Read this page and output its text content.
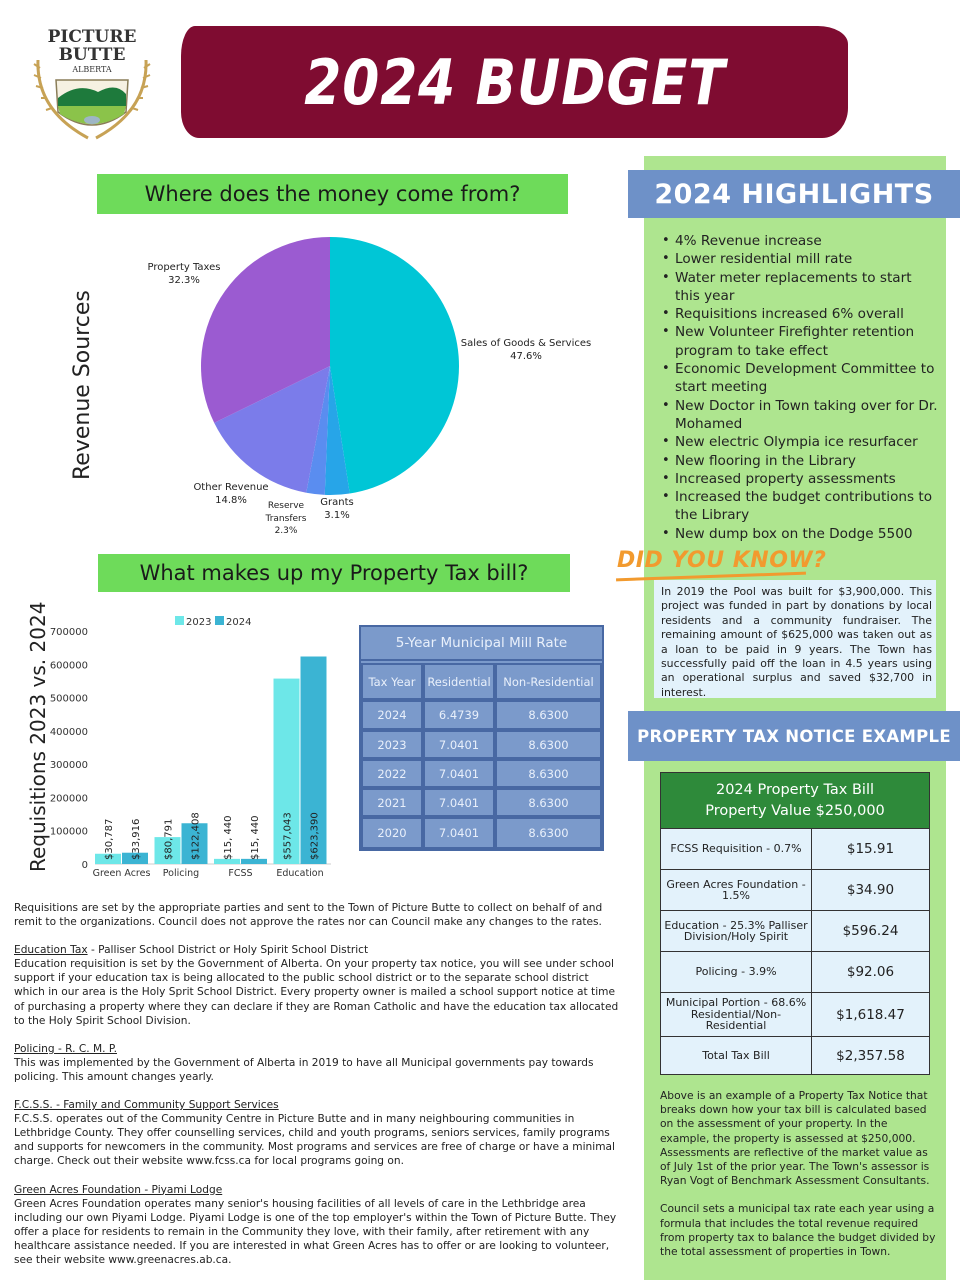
PICTURE
BUTTE
ALBERTA	2024 BUDGET
Where does the money come from?
Revenue Sources
Property Taxes
32.3%
Sales of Goods & Services
47.6%
Other Revenue
14.8%	Reserve Transfers
2.3%
Grants
3.1%
What makes up my Property Tax bill?
Requisitions 2023 vs. 2024	0
100000
200000
300000
400000
500000
600000
700000
2023 2024
$30,787 $33,916
Green Acres
$80,791 $122,408
Policing
$15, 440 $15, 440
FCSS
$557,043 $623,390
Education
5-Year Municipal Mill Rate
Tax Year	Residential	Non-Residential
2024	6.4739	8.6300
2023	7.0401	8.6300
2022	7.0401	8.6300
2021	7.0401	8.6300
2020	7.0401	8.6300

Requisitions are set by the appropriate parties and sent to the Town of Picture Butte to collect on behalf of and remit to the organizations. Council does not approve the rates nor can Council make any changes to the rates.

Education Tax - Palliser School District or Holy Spirit School District
Education requisition is set by the Government of Alberta. On your property tax notice, you will see under school support if your education tax is being allocated to the public school district or to the separate school district which in our area is the Holy Sprit School District. Every property owner is mailed a school support notice at time of purchasing a property where they can declare if they are Roman Catholic and have the education tax allocated to the Holy Spirit School Division.

Policing - R. C. M. P.
This was implemented by the Government of Alberta in 2019 to have all Municipal governments pay towards policing. This amount changes yearly.

F.C.S.S. - Family and Community Support Services
F.C.S.S. operates out of the Community Centre in Picture Butte and in many neighbouring communities in Lethbridge County. They offer counselling services, child and youth programs, seniors services, family programs and supports for newcomers in the community. Most programs and services are free of charge or have a minimal charge. Check out their website www.fcss.ca for local programs going on.

Green Acres Foundation - Piyami Lodge
Green Acres Foundation operates many senior's housing facilities of all levels of care in the Lethbridge area including our own Piyami Lodge. Piyami Lodge is one of the top employer's within the Town of Picture Butte. They offer a place for residents to remain in the Community they love, with their family, after retirement with any healthcare assistance needed. If you are interested in what Green Acres has to offer or are looking to volunteer, see their website www.greenacres.ab.ca.

2024 HIGHLIGHTS
• 4% Revenue increase
• Lower residential mill rate
• Water meter replacements to start this year
• Requisitions increased 6% overall
• New Volunteer Firefighter retention program to take effect
• Economic Development Committee to start meeting
• New Doctor in Town taking over for Dr. Mohamed
• New electric Olympia ice resurfacer
• New flooring in the Library
• Increased property assessments
• Increased the budget contributions to the Library
• New dump box on the Dodge 5500
DID YOU KNOW?
In 2019 the Pool was built for $3,900,000. This project was funded in part by donations by local residents and a community fundraiser. The remaining amount of $625,000 was taken out as a loan to be paid in 9 years. The Town has successfully paid off the loan in 4.5 years using an operational surplus and saved $32,700 in interest.
PROPERTY TAX NOTICE EXAMPLE
2024 Property Tax Bill
Property Value $250,000
FCSS Requisition - 0.7%	$15.91
Green Acres Foundation - 1.5%	$34.90
Education - 25.3% Palliser Division/Holy Spirit	$596.24
Policing - 3.9%	$92.06
Municipal Portion - 68.6% Residential/Non-Residential
$1,618.47
Total Tax Bill	$2,357.58
Above is an example of a Property Tax Notice that breaks down how your tax bill is calculated based on the assessment of your property. In the example, the property is assessed at $250,000. Assessments are reflective of the market value as of July 1st of the prior year. The Town's assessor is Ryan Vogt of Benchmark Assessment Consultants.
Council sets a municipal tax rate each year using a formula that includes the total revenue required from property tax to balance the budget divided by the total assessment of properties in Town.
